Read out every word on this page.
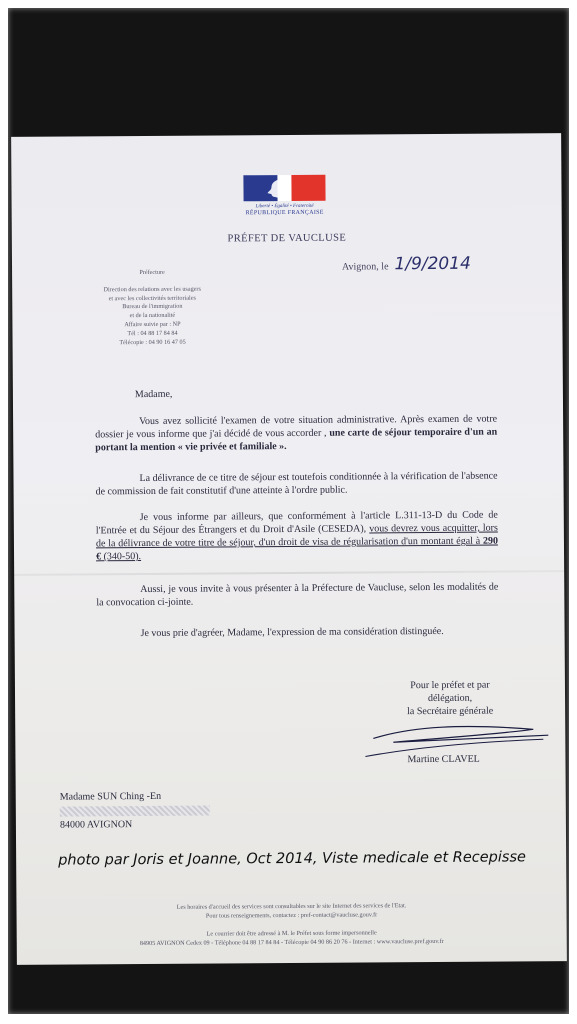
Liberté • Égalité • Fraternité
RÉPUBLIQUE FRANÇAISE
PRÉFET DE VAUCLUSE
Avignon, le 1/9/2014
Préfecture
Direction des relations avec les usagers
et avec les collectivités territoriales
Bureau de l'immigration
et de la nationalité
Affaire suivie par : NP
Tél : 04 88 17 84 84
Télécopie : 04 90 16 47 05
Madame,
Vous avez sollicité l'examen de votre situation administrative. Après examen de votre dossier je vous informe que j'ai décidé de vous accorder , une carte de séjour temporaire d'un an portant la mention « vie privée et familiale ».
La délivrance de ce titre de séjour est toutefois conditionnée à la vérification de l'absence de commission de fait constitutif d'une atteinte à l'ordre public.
Je vous informe par ailleurs, que conformément à l'article L.311-13-D du Code de l'Entrée et du Séjour des Étrangers et du Droit d'Asile (CESEDA), vous devrez vous acquitter, lors de la délivrance de votre titre de séjour, d'un droit de visa de régularisation d'un montant égal à 290 € (340-50).
Aussi, je vous invite à vous présenter à la Préfecture de Vaucluse, selon les modalités de la convocation ci-jointe.
Je vous prie d'agréer, Madame, l'expression de ma considération distinguée.
Pour le préfet et par
délégation,
la Secrétaire générale
Martine CLAVEL
Madame SUN Ching -En
84000 AVIGNON
photo par Joris et Joanne, Oct 2014, Viste medicale et Recepisse
Les horaires d'accueil des services sont consultables sur le site Internet des services de l'Etat.
Pour tous renseignements, contactez : pref-contact@vaucluse.gouv.fr
Le courrier doit être adressé à M. le Préfet sous forme impersonnelle
84905 AVIGNON Cedex 09 - Téléphone 04 88 17 84 84 - Télécopie 04 90 86 20 76 - Internet : www.vaucluse.pref.gouv.fr
